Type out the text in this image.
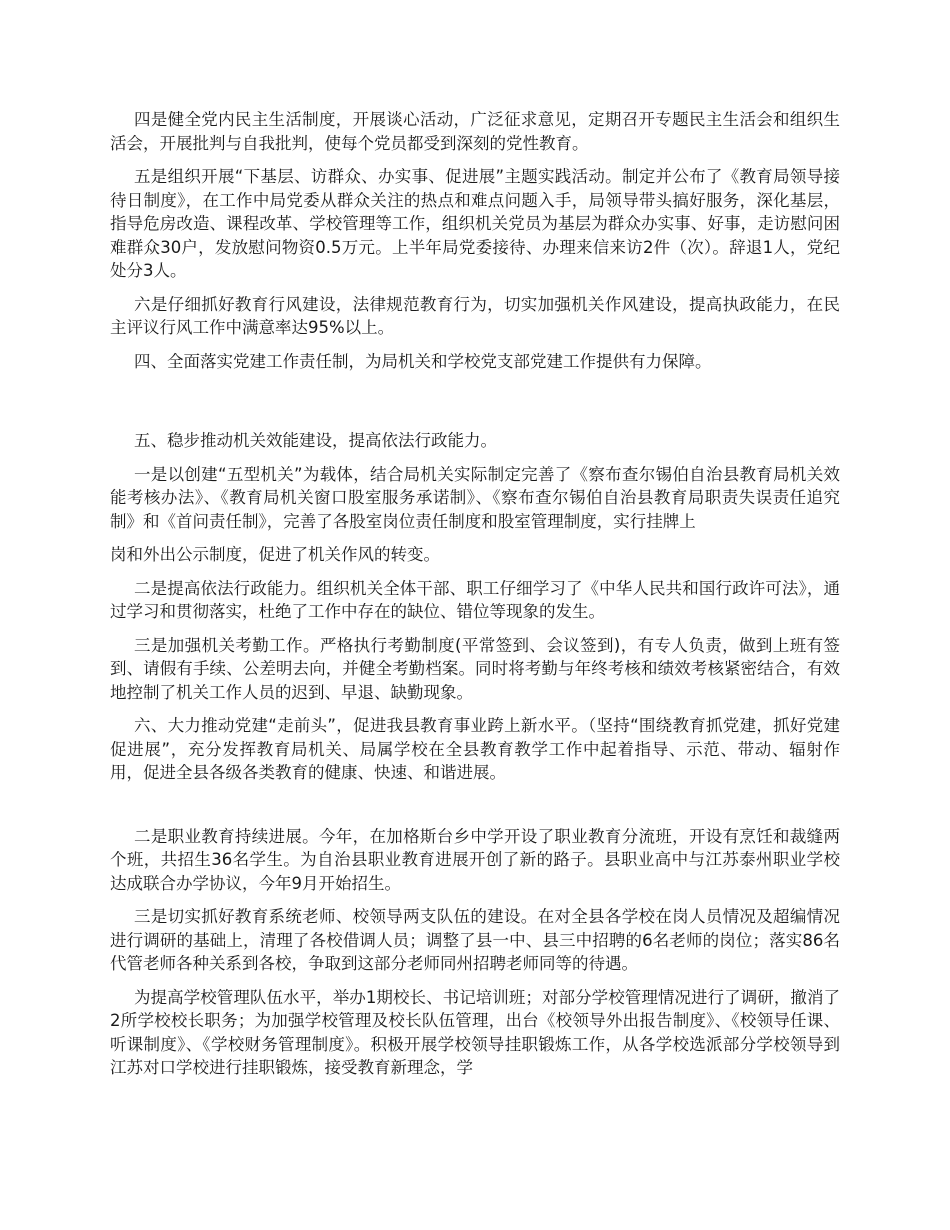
四是健全党内民主生活制度，开展谈心活动，广泛征求意见，定期召开专题民主生活会和组织生活会，开展批判与自我批判，使每个党员都受到深刻的党性教育。

五是组织开展“下基层、访群众、办实事、促进展”主题实践活动。制定并公布了《教育局领导接待日制度》，在工作中局党委从群众关注的热点和难点问题入手，局领导带头搞好服务，深化基层，指导危房改造、课程改革、学校管理等工作，组织机关党员为基层为群众办实事、好事，走访慰问困难群众30户，发放慰问物资0.5万元。上半年局党委接待、办理来信来访2件（次）。辞退1人，党纪处分3人。

六是仔细抓好教育行风建设，法律规范教育行为，切实加强机关作风建设，提高执政能力，在民主评议行风工作中满意率达95%以上。

四、全面落实党建工作责任制，为局机关和学校党支部党建工作提供有力保障。

五、稳步推动机关效能建设，提高依法行政能力。

一是以创建“五型机关”为载体，结合局机关实际制定完善了《察布查尔锡伯自治县教育局机关效能考核办法》、《教育局机关窗口股室服务承诺制》、《察布查尔锡伯自治县教育局职责失误责任追究制》和《首问责任制》，完善了各股室岗位责任制度和股室管理制度，实行挂牌上

岗和外出公示制度，促进了机关作风的转变。

二是提高依法行政能力。组织机关全体干部、职工仔细学习了《中华人民共和国行政许可法》，通过学习和贯彻落实，杜绝了工作中存在的缺位、错位等现象的发生。

三是加强机关考勤工作。严格执行考勤制度(平常签到、会议签到)，有专人负责，做到上班有签到、请假有手续、公差明去向，并健全考勤档案。同时将考勤与年终考核和绩效考核紧密结合，有效地控制了机关工作人员的迟到、早退、缺勤现象。

六、大力推动党建“走前头”，促进我县教育事业跨上新水平。（坚持“围绕教育抓党建，抓好党建促进展”，充分发挥教育局机关、局属学校在全县教育教学工作中起着指导、示范、带动、辐射作用，促进全县各级各类教育的健康、快速、和谐进展。

二是职业教育持续进展。今年，在加格斯台乡中学开设了职业教育分流班，开设有烹饪和裁缝两个班，共招生36名学生。为自治县职业教育进展开创了新的路子。县职业高中与江苏泰州职业学校达成联合办学协议，今年9月开始招生。

三是切实抓好教育系统老师、校领导两支队伍的建设。在对全县各学校在岗人员情况及超编情况进行调研的基础上，清理了各校借调人员；调整了县一中、县三中招聘的6名老师的岗位；落实86名代管老师各种关系到各校，争取到这部分老师同州招聘老师同等的待遇。

为提高学校管理队伍水平，举办1期校长、书记培训班；对部分学校管理情况进行了调研，撤消了2所学校校长职务；为加强学校管理及校长队伍管理，出台《校领导外出报告制度》、《校领导任课、听课制度》、《学校财务管理制度》。积极开展学校领导挂职锻炼工作，从各学校选派部分学校领导到江苏对口学校进行挂职锻炼，接受教育新理念，学
